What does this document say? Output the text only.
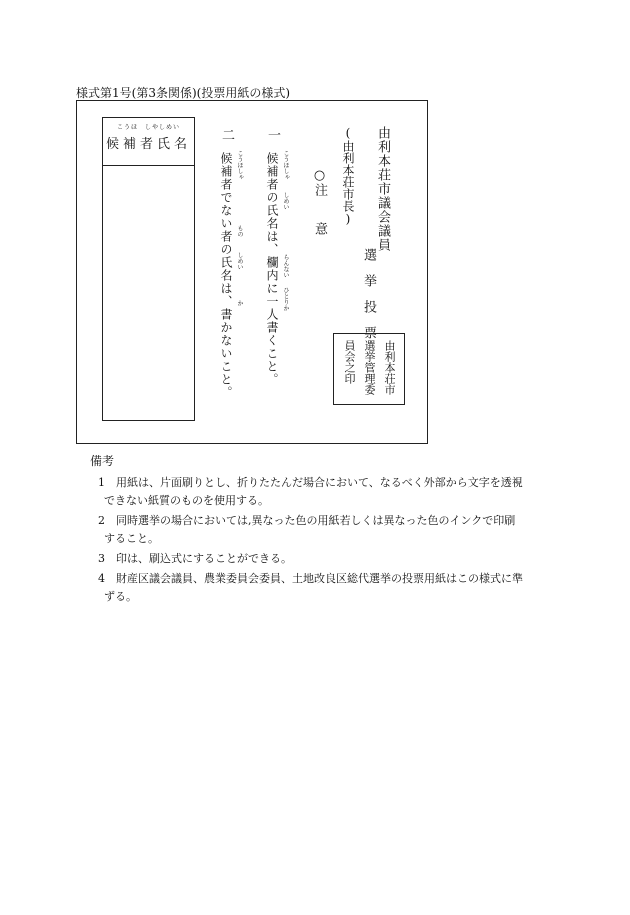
様式第1号(第3条関係)(投票用紙の様式)
こうほ　しやしめい
候補者氏名	由利本荘市議会議員
選　挙　投　票
(由利本荘市長)
○注　　意
一
候補者の氏名は、欄内に一人書くこと。 こうほしゃ
しめい
らんない
ひとりか
二
候補者でない者の氏名は、書かないこと。 こうほしゃ
もの
しめい
か
由利本荘市
選挙管理委
員会之印
備考
1 用紙は、片面刷りとし、折りたたんだ場合において、なるべく外部から文字を透視
できない紙質のものを使用する。
2 同時選挙の場合においては,異なった色の用紙若しくは異なった色のインクで印刷
すること。
3 印は、刷込式にすることができる。
4 財産区議会議員、農業委員会委員、土地改良区総代選挙の投票用紙はこの様式に準
ずる。
